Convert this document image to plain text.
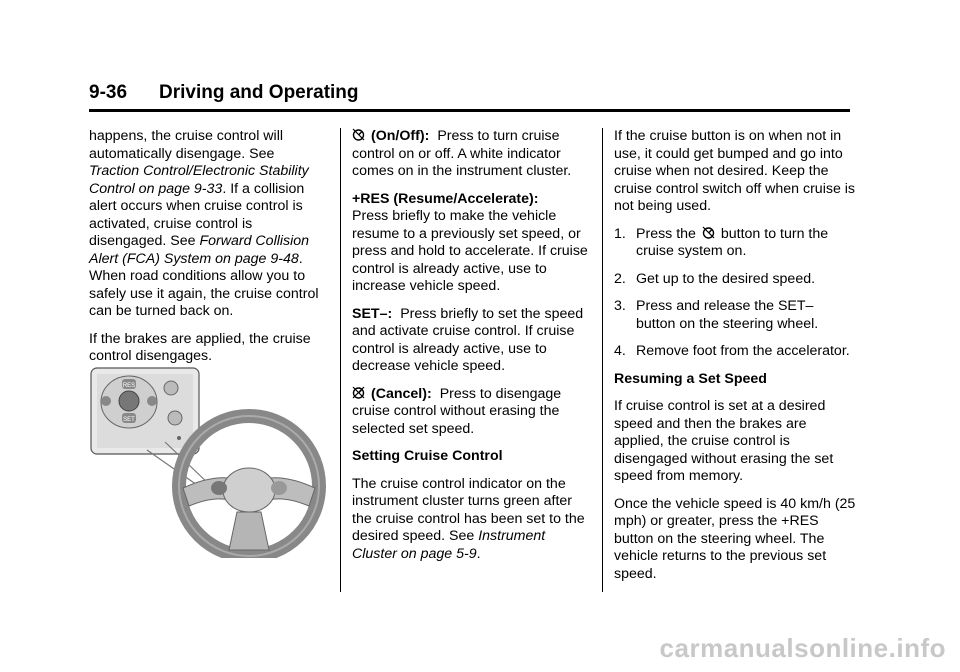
9-36 Driving and Operating

happens, the cruise control will automatically disengage. See Traction Control/Electronic Stability Control on page 9-33. If a collision alert occurs when cruise control is activated, cruise control is disengaged. See Forward Collision Alert (FCA) System on page 9-48. When road conditions allow you to safely use it again, the cruise control can be turned back on.

If the brakes are applied, the cruise control disengages.

RES
SET

(On/Off): Press to turn cruise control on or off. A white indicator comes on in the instrument cluster.

+RES (Resume/Accelerate):
Press briefly to make the vehicle resume to a previously set speed, or press and hold to accelerate. If cruise control is already active, use to increase vehicle speed.

SET–: Press briefly to set the speed and activate cruise control. If cruise control is already active, use to decrease vehicle speed.

(Cancel): Press to disengage cruise control without erasing the selected set speed.

Setting Cruise Control

The cruise control indicator on the instrument cluster turns green after the cruise control has been set to the desired speed. See Instrument Cluster on page 5-9.

If the cruise button is on when not in use, it could get bumped and go into cruise when not desired. Keep the cruise control switch off when cruise is not being used.

1. Press the
button to turn the cruise system on.
2. Get up to the desired speed.
3. Press and release the SET– button on the steering wheel.
4. Remove foot from the accelerator.

Resuming a Set Speed

If cruise control is set at a desired speed and then the brakes are applied, the cruise control is disengaged without erasing the set speed from memory.

Once the vehicle speed is 40 km/h (25 mph) or greater, press the +RES button on the steering wheel. The vehicle returns to the previous set speed.

carmanualsonline.info
